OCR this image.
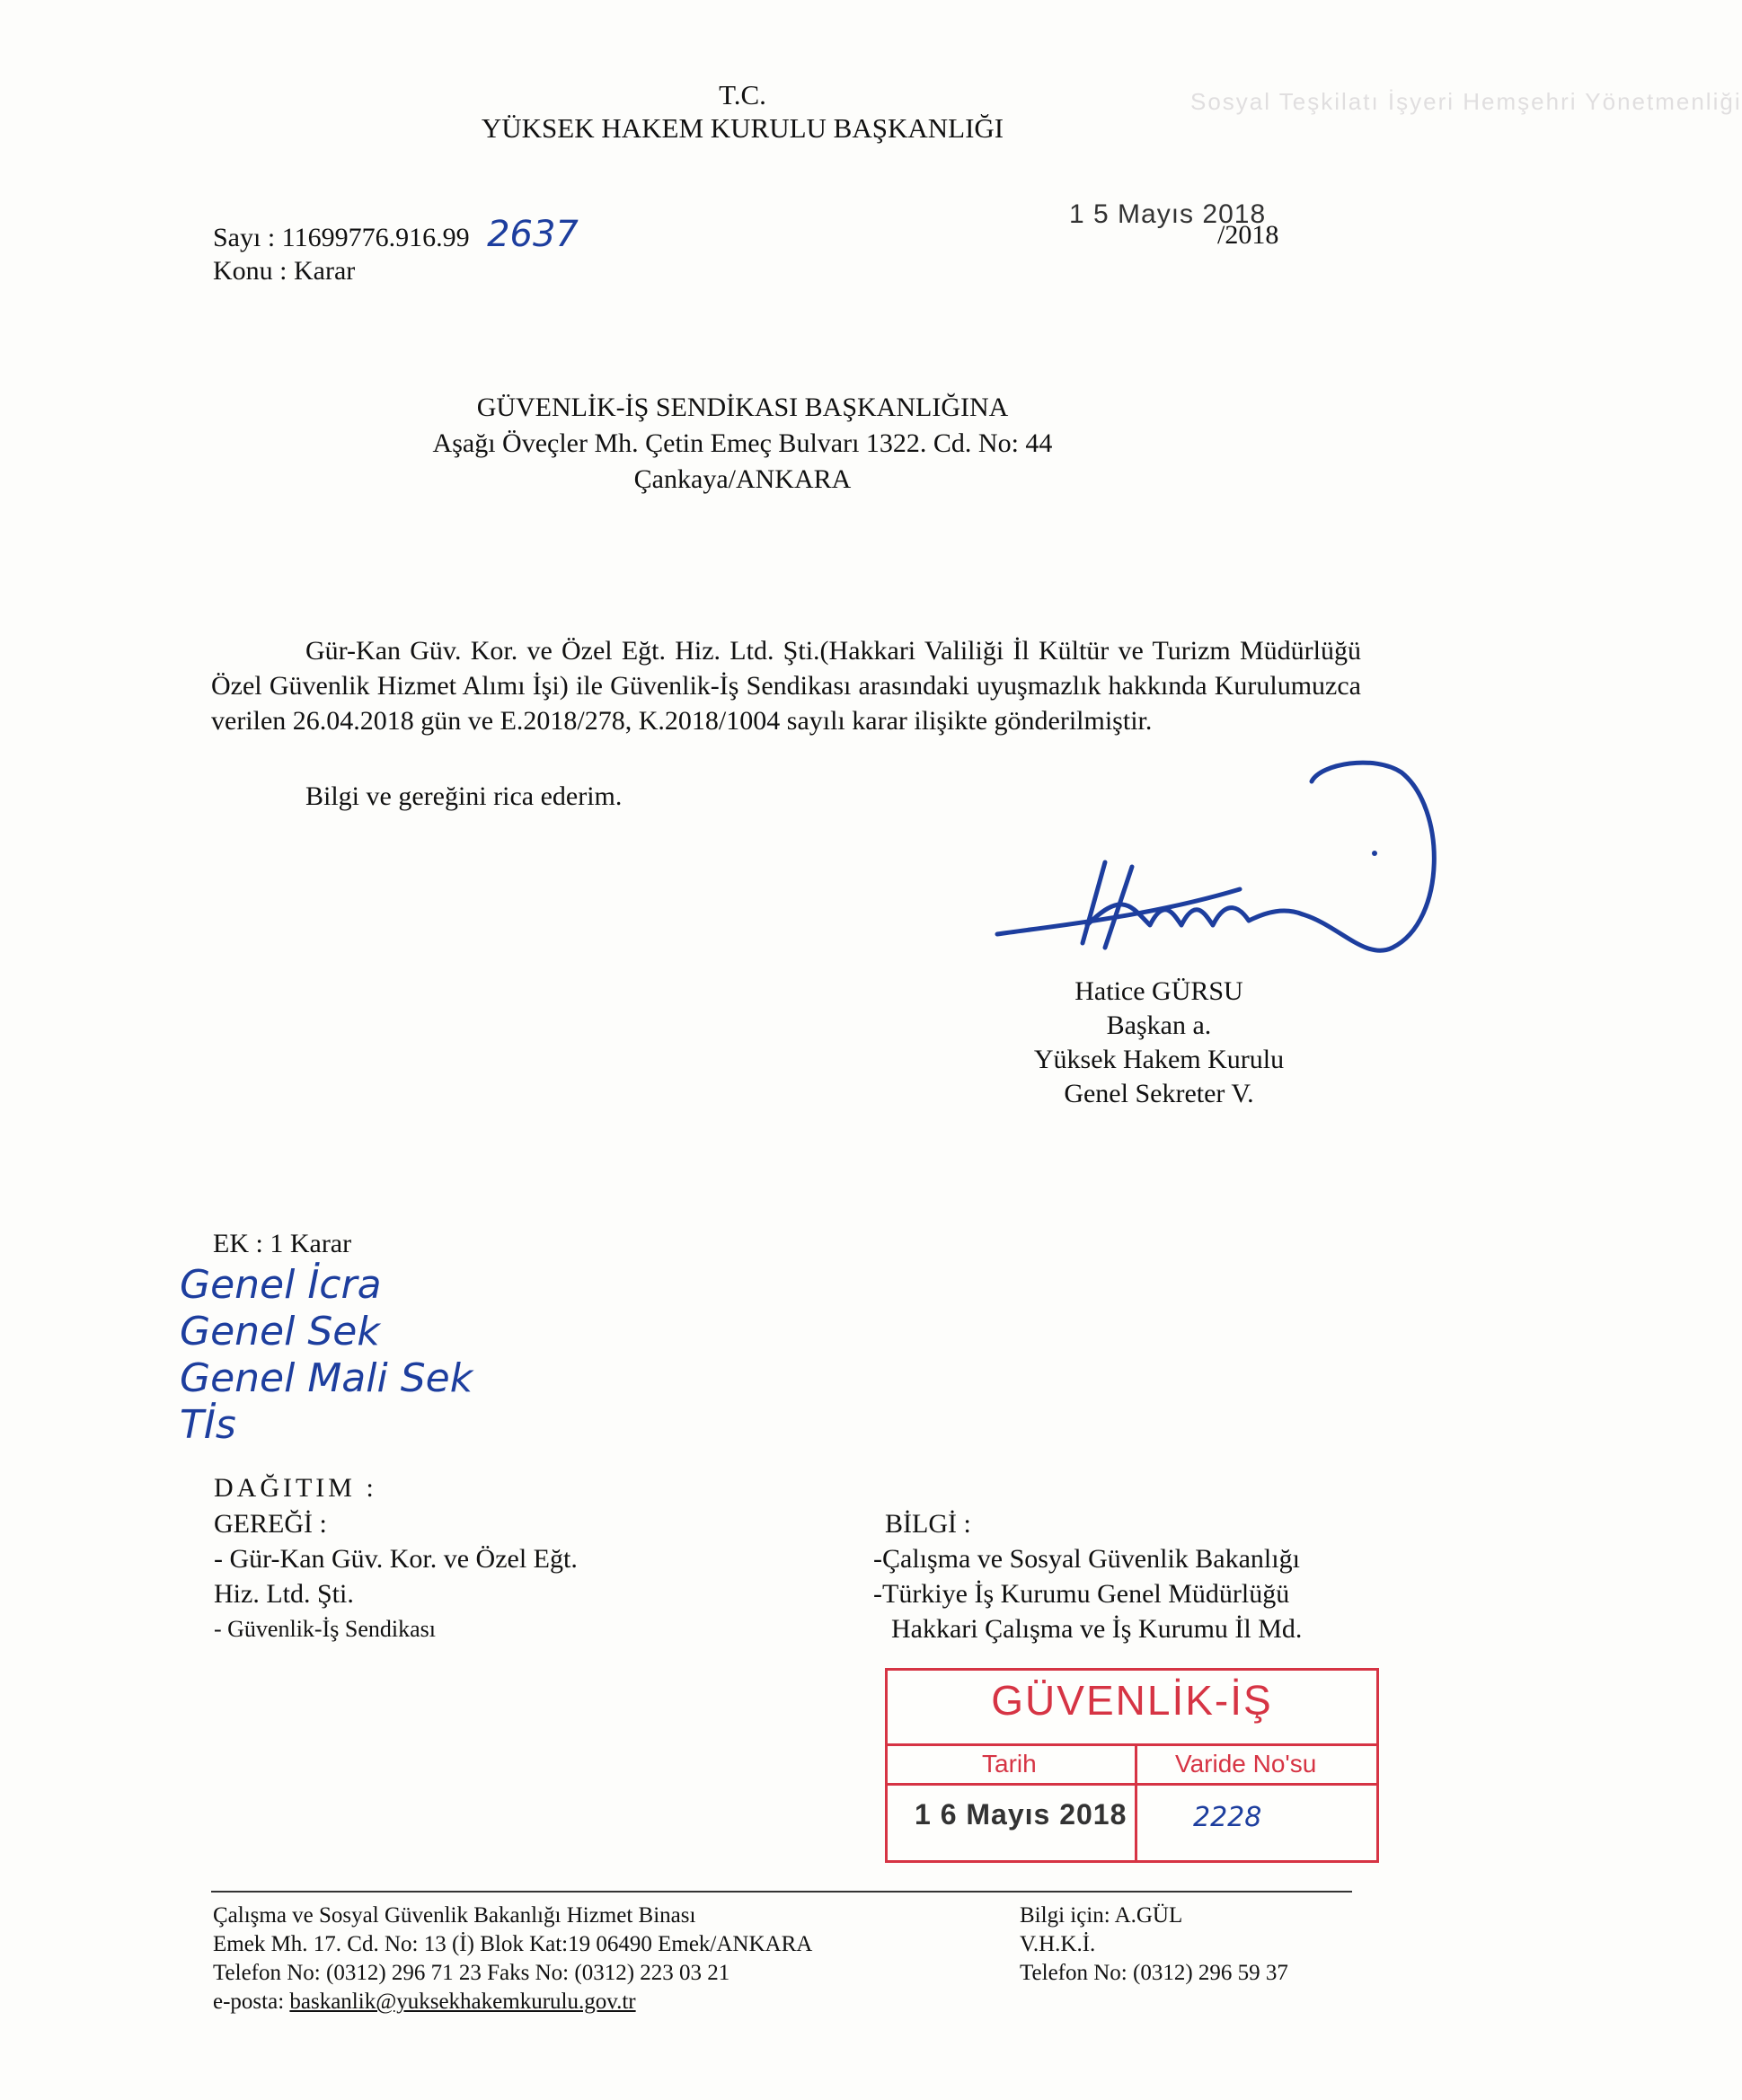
Sosyal Teşkilatı İşyeri Hemşehri Yönetmenliği
T.C.
YÜKSEK HAKEM KURULU BAŞKANLIĞI
Sayı : 11699776.916.99 2637
Konu : Karar
1 5 Mayıs 2018
/2018
GÜVENLİK-İŞ SENDİKASI BAŞKANLIĞINA
Aşağı Öveçler Mh. Çetin Emeç Bulvarı 1322. Cd. No: 44
Çankaya/ANKARA
Gür-Kan Güv. Kor. ve Özel Eğt. Hiz. Ltd. Şti.(Hakkari Valiliği İl Kültür ve Turizm Müdürlüğü Özel Güvenlik Hizmet Alımı İşi) ile Güvenlik-İş Sendikası arasındaki uyuşmazlık hakkında Kurulumuzca verilen 26.04.2018 gün ve E.2018/278, K.2018/1004 sayılı karar ilişikte gönderilmiştir.
Bilgi ve gereğini rica ederim.
Hatice GÜRSU
Başkan a.
Yüksek Hakem Kurulu
Genel Sekreter V.
EK : 1 Karar
Genel İcra
Genel Sek
Genel Mali Sek
Tİs
DAĞITIM :
GEREĞİ :
- Gür-Kan Güv. Kor. ve Özel Eğt.
Hiz. Ltd. Şti.
- Güvenlik-İş Sendikası
BİLGİ :
-Çalışma ve Sosyal Güvenlik Bakanlığı
-Türkiye İş Kurumu Genel Müdürlüğü
Hakkari Çalışma ve İş Kurumu İl Md.
GÜVENLİK-İŞ
Tarih	Varide No'su
1 6 Mayıs 2018 2228
Çalışma ve Sosyal Güvenlik Bakanlığı Hizmet Binası
Emek Mh. 17. Cd. No: 13 (İ) Blok Kat:19 06490 Emek/ANKARA
Telefon No: (0312) 296 71 23 Faks No: (0312) 223 03 21
e-posta: baskanlik@yuksekhakemkurulu.gov.tr
Bilgi için: A.GÜL
V.H.K.İ.
Telefon No: (0312) 296 59 37
